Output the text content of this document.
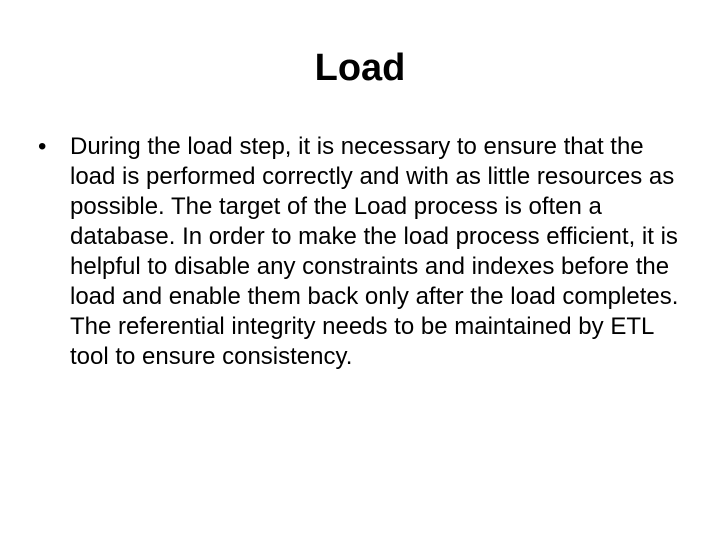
Load
• During the load step, it is necessary to ensure that the load is performed correctly and with as little resources as possible. The target of the Load process is often a database. In order to make the load process efficient, it is helpful to disable any constraints and indexes before the load and enable them back only after the load completes. The referential integrity needs to be maintained by ETL tool to ensure consistency.
